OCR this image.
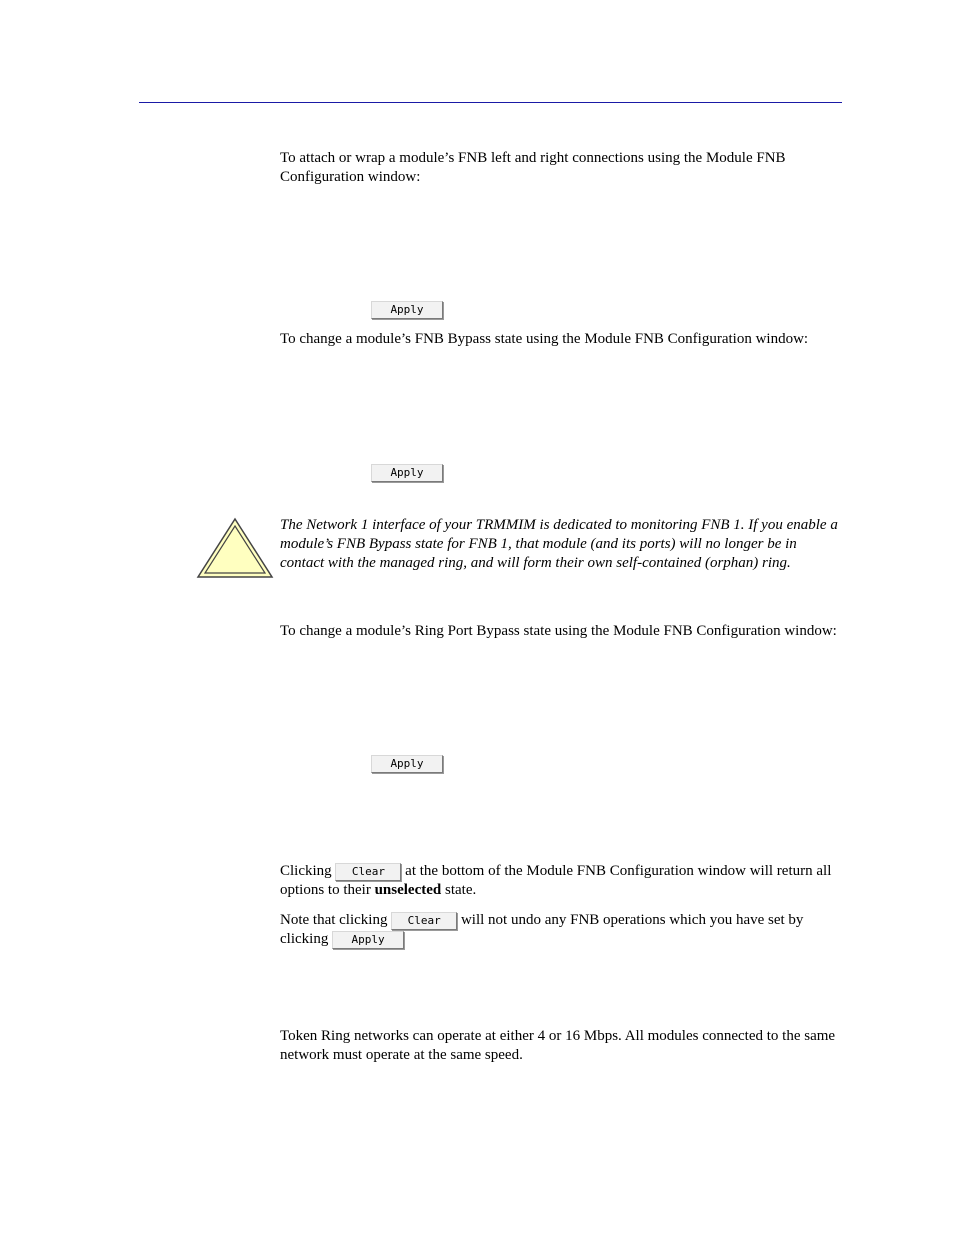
To attach or wrap a module’s FNB left and right connections using the Module FNB Configuration window:
Apply
To change a module’s FNB Bypass state using the Module FNB Configuration window:
Apply
The Network 1 interface of your TRMMIM is dedicated to monitoring FNB 1. If you enable a module’s FNB Bypass state for FNB 1, that module (and its ports) will no longer be in contact with the managed ring, and will form their own self-contained (orphan) ring.
To change a module’s Ring Port Bypass state using the Module FNB Configuration window:
Apply
Clicking Clear at the bottom of the Module FNB Configuration window will return all options to their unselected state.
Note that clicking Clear will not undo any FNB operations which you have set by clicking Apply
Token Ring networks can operate at either 4 or 16 Mbps. All modules connected to the same network must operate at the same speed.
